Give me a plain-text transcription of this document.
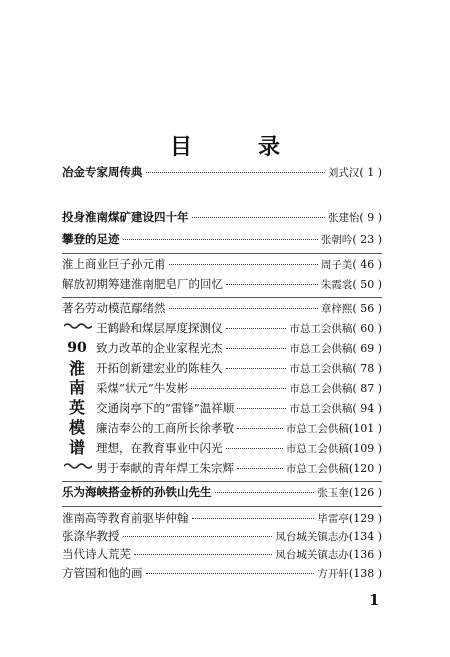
目　录
冶金专家周传典	刘式汉 ( 1 )
投身淮南煤矿建设四十年	张建怡 ( 9 )
攀登的足迹	张朝吟 ( 23 )
淮上商业巨子孙元甫	周子美 ( 46 )
解放初期筹建淮南肥皂厂的回忆	朱霞裳 ( 50 )
著名劳动模范鄢绪然	章梓熙 ( 56 )
90
淮
南
英
模
谱
王鹤龄和煤层厚度探测仪	市总工会供稿 ( 60 )
致力改革的企业家程光杰	市总工会供稿 ( 69 )
开拓创新建宏业的陈桂久	市总工会供稿 ( 78 )
采煤“状元”牛发彬	市总工会供稿 ( 87 )
交通岗亭下的“雷锋”温祥顺	市总工会供稿 ( 94 )
廉洁奉公的工商所长徐孝敬	市总工会供稿 (101 )
理想，在教育事业中闪光	市总工会供稿 (109 )
男于奉献的青年焊工朱宗辉	市总工会供稿 (120 )
乐为海峡搭金桥的孙铁山先生	张玉奎 (126 )
淮南高等教育前驱毕仲翰	毕雷亭 (129 )
张涤华教授	凤台城关镇志办 (134 )
当代诗人荒芜	凤台城关镇志办 (136 )
方管国和他的画	方开轩 (138 )
1
